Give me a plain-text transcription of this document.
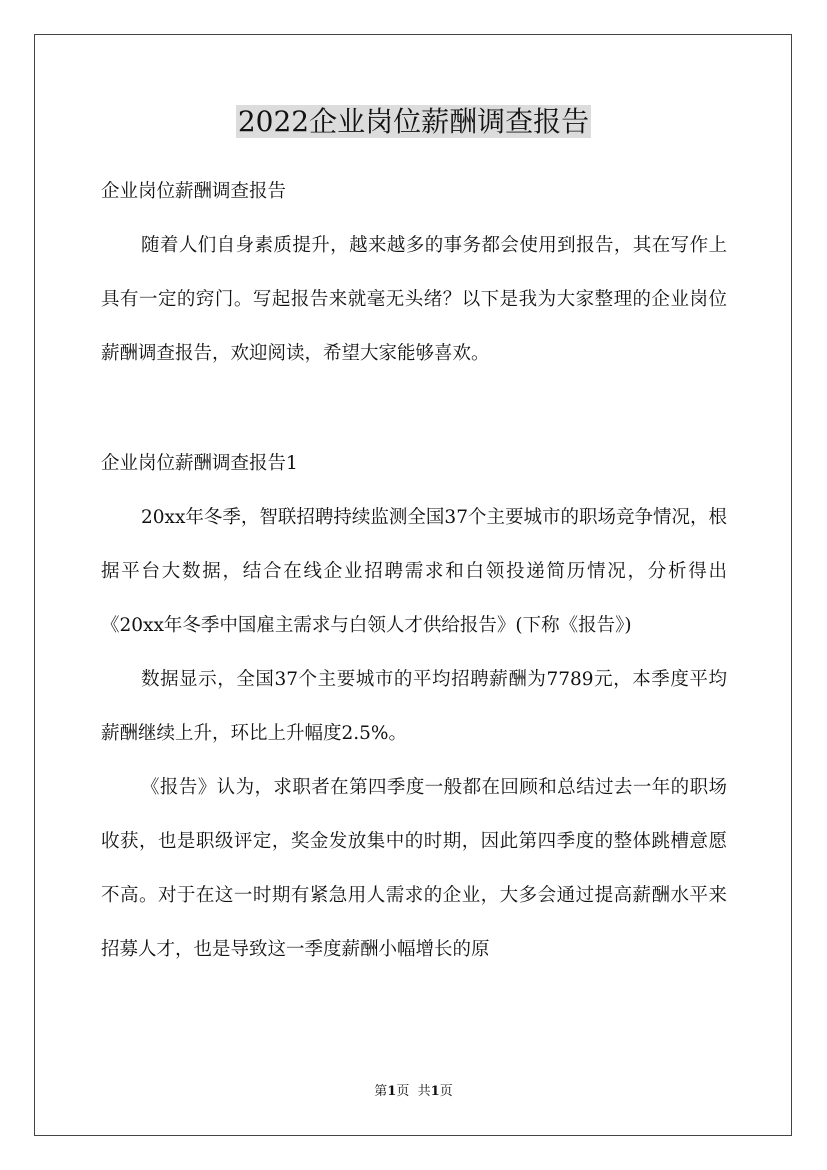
2022企业岗位薪酬调查报告

企业岗位薪酬调查报告

随着人们自身素质提升，越来越多的事务都会使用到报告，其在写作上具有一定的窍门。写起报告来就毫无头绪？以下是我为大家整理的企业岗位薪酬调查报告，欢迎阅读，希望大家能够喜欢。

企业岗位薪酬调查报告1

20xx年冬季，智联招聘持续监测全国37个主要城市的职场竞争情况，根据平台大数据，结合在线企业招聘需求和白领投递简历情况，分析得出《20xx年冬季中国雇主需求与白领人才供给报告》(下称《报告》)

数据显示，全国37个主要城市的平均招聘薪酬为7789元，本季度平均薪酬继续上升，环比上升幅度2.5%。

《报告》认为，求职者在第四季度一般都在回顾和总结过去一年的职场收获，也是职级评定，奖金发放集中的时期，因此第四季度的整体跳槽意愿不高。对于在这一时期有紧急用人需求的企业，大多会通过提高薪酬水平来招募人才，也是导致这一季度薪酬小幅增长的原

第1页 共1页
